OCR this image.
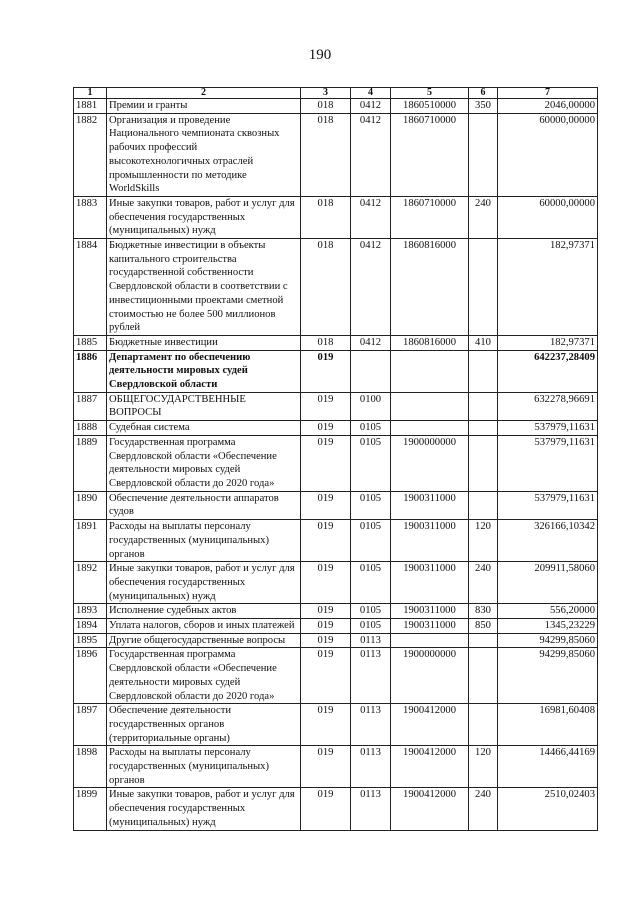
190
1	2	3	4	5	6	7
1881	Премии и гранты	018	0412	1860510000	350	2046,00000
1882	Организация и проведение Национального чемпионата сквозных рабочих профессий высокотехнологичных отраслей промышленности по методике WorldSkills	018	0412	1860710000		60000,00000
1883	Иные закупки товаров, работ и услуг для обеспечения государственных (муниципальных) нужд	018	0412	1860710000	240	60000,00000
1884	Бюджетные инвестиции в объекты капитального строительства государственной собственности Свердловской области в соответствии с инвестиционными проектами сметной стоимостью не более 500 миллионов рублей	018	0412	1860816000		182,97371
1885	Бюджетные инвестиции	018	0412	1860816000	410	182,97371
1886	Департамент по обеспечению деятельности мировых судей Свердловской области	019				642237,28409
1887	ОБЩЕГОСУДАРСТВЕННЫЕ ВОПРОСЫ	019	0100			632278,96691
1888	Судебная система	019	0105			537979,11631
1889	Государственная программа Свердловской области «Обеспечение деятельности мировых судей Свердловской области до 2020 года»	019	0105	1900000000		537979,11631
1890	Обеспечение деятельности аппаратов судов	019	0105	1900311000		537979,11631
1891	Расходы на выплаты персоналу государственных (муниципальных) органов	019	0105	1900311000	120	326166,10342
1892	Иные закупки товаров, работ и услуг для обеспечения государственных (муниципальных) нужд	019	0105	1900311000	240	209911,58060
1893	Исполнение судебных актов	019	0105	1900311000	830	556,20000
1894	Уплата налогов, сборов и иных платежей	019	0105	1900311000	850	1345,23229
1895	Другие общегосударственные вопросы	019	0113			94299,85060
1896	Государственная программа Свердловской области «Обеспечение деятельности мировых судей Свердловской области до 2020 года»	019	0113	1900000000		94299,85060
1897	Обеспечение деятельности государственных органов (территориальные органы)	019	0113	1900412000		16981,60408
1898	Расходы на выплаты персоналу государственных (муниципальных) органов	019	0113	1900412000	120	14466,44169
1899	Иные закупки товаров, работ и услуг для обеспечения государственных (муниципальных) нужд	019	0113	1900412000	240	2510,02403
